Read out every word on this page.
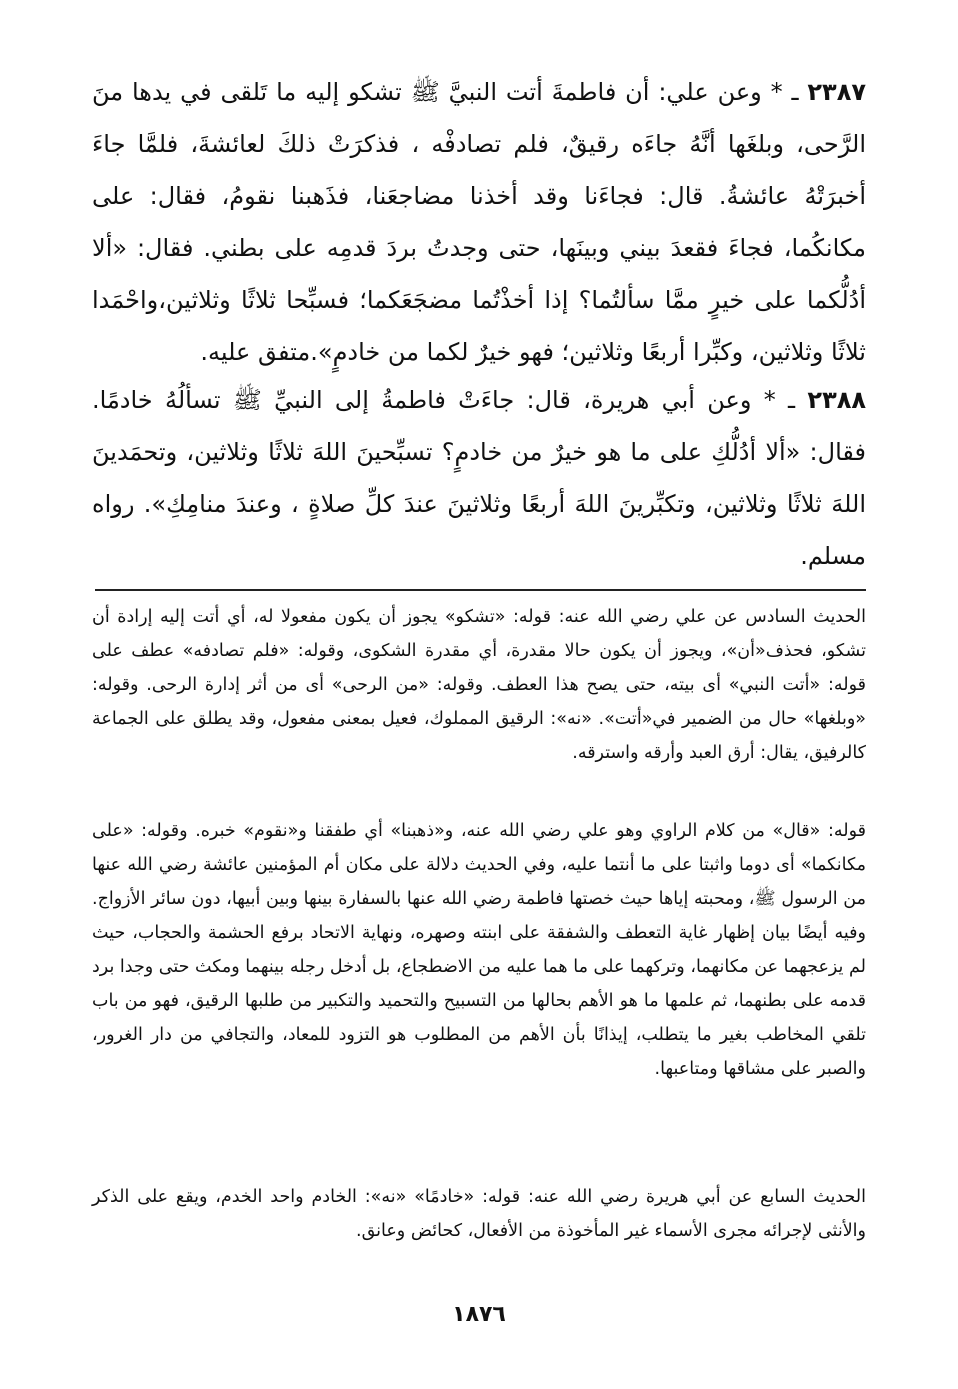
٢٣٨٧ ـ * وعن علي: أن فاطمةَ أتت النبيَّ ﷺ تشكو إليه ما تَلقى في يدها منَ الرَّحى، وبلغَها أنَّهُ جاءَه رقيقٌ، فلم تصادفْه ، فذكرَتْ ذلكَ لعائشةَ، فلمَّا جاءَ أخبرَتْهُ عائشةُ. قال: فجاءَنا وقد أخذنا مضاجعَنا، فذَهبنا نقومُ، فقال: على مكانكُما، فجاءَ فقعدَ بيني وبينَها، حتى وجدتُ بردَ قدمِه على بطني. فقال: «ألا أدُلُّكما على خيرٍ ممَّا سألتُما؟ إذا أخذْتُما مضجَعَكما؛ فسبِّحا ثلاثًا وثلاثين،واحْمَدا ثلاثًا وثلاثين، وكبِّرا أربعًا وثلاثين؛ فهو خيرٌ لكما من خادمٍ».متفق عليه.

٢٣٨٨ ـ * وعن أبي هريرة، قال: جاءَتْ فاطمةُ إلى النبيِّ ﷺ تسألُهُ خادمًا. فقال: «ألا أدُلُّكِ على ما هو خيرٌ من خادمٍ؟ تسبِّحينَ اللهَ ثلاثًا وثلاثين، وتحمَدينَ اللهَ ثلاثًا وثلاثين، وتكبِّرينَ اللهَ أربعًا وثلاثينَ عندَ كلِّ صلاةٍ ، وعندَ منامِكِ». رواه مسلم.

الحديث السادس عن علي رضي الله عنه: قوله: «تشكو» يجوز أن يكون مفعولا له، أي أتت إليه إرادة أن تشكو، فحذف«أن»، ويجوز أن يكون حالا مقدرة، أي مقدرة الشكوى، وقوله: «فلم تصادفه» عطف على قوله: «أتت النبي» أى بيته، حتى يصح هذا العطف. وقوله: «من الرحى» أى من أثر إدارة الرحى. وقوله: «وبلغها» حال من الضمير في«أتت». «نه»: الرقيق المملوك، فعيل بمعنى مفعول، وقد يطلق على الجماعة كالرفيق، يقال: أرق العبد وأرقه واسترقه.

قوله: «قال» من كلام الراوي وهو علي رضي الله عنه، و«ذهبنا» أي طفقنا و«نقوم» خبره. وقوله: «على مكانكما» أى دوما واثبتا على ما أنتما عليه، وفي الحديث دلالة على مكان أم المؤمنين عائشة رضي الله عنها من الرسول ﷺ، ومحبته إياها حيث خصتها فاطمة رضي الله عنها بالسفارة بينها وبين أبيها، دون سائر الأزواج. وفيه أيضًا بيان إظهار غاية التعطف والشفقة على ابنته وصهره، ونهاية الاتحاد برفع الحشمة والحجاب، حيث لم يزعجهما عن مكانهما، وتركهما على ما هما عليه من الاضطجاع، بل أدخل رجله بينهما ومكث حتى وجدا برد قدمه على بطنهما، ثم علمها ما هو الأهم بحالها من التسبيح والتحميد والتكبير من طلبها الرقيق، فهو من باب تلقي المخاطب بغير ما يتطلب، إيذانًا بأن الأهم من المطلوب هو التزود للمعاد، والتجافي من دار الغرور، والصبر على مشاقها ومتاعبها.

الحديث السابع عن أبي هريرة رضي الله عنه: قوله: «خادمًا» «نه»: الخادم واحد الخدم، ويقع على الذكر والأنثى لإجرائه مجرى الأسماء غير المأخوذة من الأفعال، كحائض وعانق.

١٨٧٦
